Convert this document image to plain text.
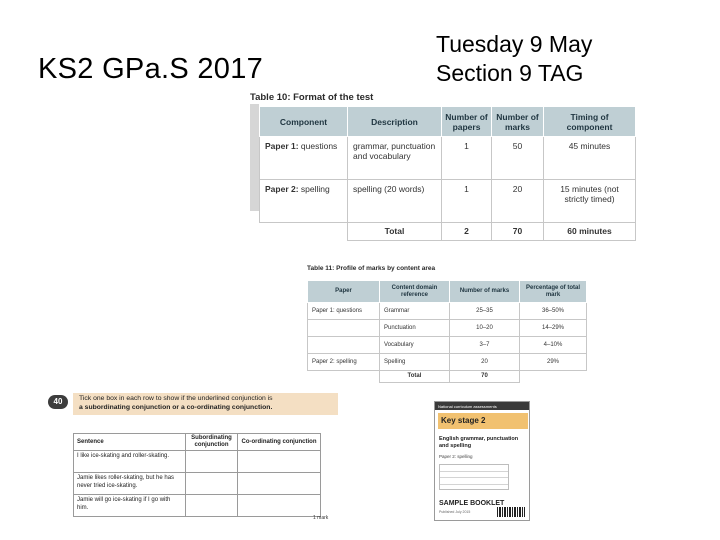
KS2 GPa.S 2017
Tuesday 9 May
Section 9 TAG
Table 10: Format of the test
Component	Description	Number of papers	Number of marks	Timing of component
Paper 1: questions	grammar, punctuation and vocabulary	1	50	45 minutes
Paper 2: spelling	spelling (20 words)	1	20	15 minutes (not strictly timed)
	Total	2	70	60 minutes
Table 11: Profile of marks by content area
Paper	Content domain reference	Number of marks	Percentage of total mark
Paper 1: questions	Grammar	25–35	36–50%
	Punctuation	10–20	14–29%
	Vocabulary	3–7	4–10%
Paper 2: spelling	Spelling	20	29%
	Total	70	
40	Tick one box in each row to show if the underlined conjunction is
a subordinating conjunction or a co-ordinating conjunction.
Sentence	Subordinating conjunction	Co-ordinating conjunction
I like ice-skating and roller-skating.		
Jamie likes roller-skating, but he has never tried ice-skating.		
Jamie will go ice-skating if I go with him.		
1 mark
National curriculum assessments
Key stage 2
English grammar, punctuation and spelling
Paper 2: spelling
SAMPLE BOOKLET
Published July 2015
